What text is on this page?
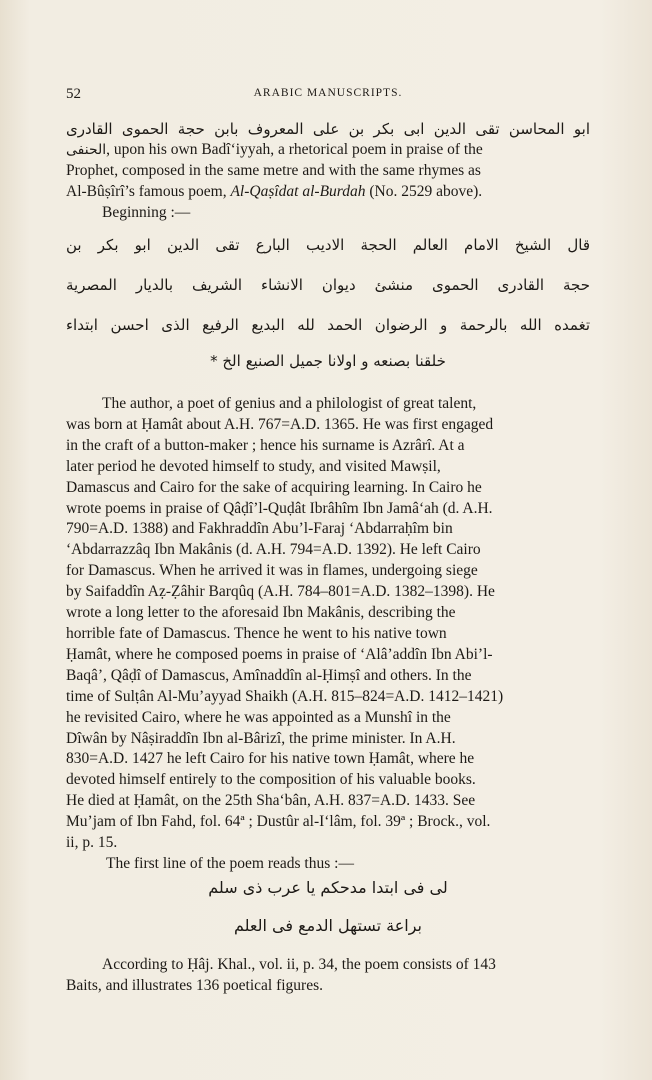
52	ARABIC MANUSCRIPTS.
ابو المحاسن تقى الدين ابى بكر بن على المعروف بابن حجة الحموى القادرى
الحنفى, upon his own Badî‘iyyah, a rhetorical poem in praise of the
Prophet, composed in the same metre and with the same rhymes as
Al-Bûṣîrî’s famous poem, Al-Qaṣîdat al-Burdah (No. 2529 above).
Beginning :—
قال الشيخ الامام العالم الحجة الاديب البارع تقى الدين ابو بكر بن
حجة القادرى الحموى منشئ ديوان الانشاء الشريف بالديار المصرية
تغمده الله بالرحمة و الرضوان الحمد لله البديع الرفيع الذى احسن ابتداء
خلقنا بصنعه و اولانا جميل الصنيع الخ *
The author, a poet of genius and a philologist of great talent,
was born at Ḥamât about A.H. 767=A.D. 1365. He was first engaged
in the craft of a button-maker ; hence his surname is Azrârî. At a
later period he devoted himself to study, and visited Mawṣil,
Damascus and Cairo for the sake of acquiring learning. In Cairo he
wrote poems in praise of Qâḍî’l-Quḍât Ibrâhîm Ibn Jamâ‘ah (d. A.H.
790=A.D. 1388) and Fakhraddîn Abu’l-Faraj ‘Abdarraḥîm bin
‘Abdarrazzâq Ibn Makânis (d. A.H. 794=A.D. 1392). He left Cairo
for Damascus. When he arrived it was in flames, undergoing siege
by Saifaddîn Aẓ-Ẓâhir Barqûq (A.H. 784–801=A.D. 1382–1398). He
wrote a long letter to the aforesaid Ibn Makânis, describing the
horrible fate of Damascus. Thence he went to his native town
Ḥamât, where he composed poems in praise of ‘Alâ’addîn Ibn Abi’l-
Baqâ’, Qâḍî of Damascus, Amînaddîn al-Ḥimṣî and others. In the
time of Sulṭân Al-Mu’ayyad Shaikh (A.H. 815–824=A.D. 1412–1421)
he revisited Cairo, where he was appointed as a Munshî in the
Dîwân by Nâṣiraddîn Ibn al-Bârizî, the prime minister. In A.H.
830=A.D. 1427 he left Cairo for his native town Ḥamât, where he
devoted himself entirely to the composition of his valuable books.
He died at Ḥamât, on the 25th Sha‘bân, A.H. 837=A.D. 1433. See
Mu’jam of Ibn Fahd, fol. 64ª ; Dustûr al-I‘lâm, fol. 39ª ; Brock., vol.
ii, p. 15.
The first line of the poem reads thus :—
لى فى ابتدا مدحكم يا عرب ذى سلم
براعة تستهل الدمع فى العلم
According to Ḥâj. Khal., vol. ii, p. 34, the poem consists of 143
Baits, and illustrates 136 poetical figures.
